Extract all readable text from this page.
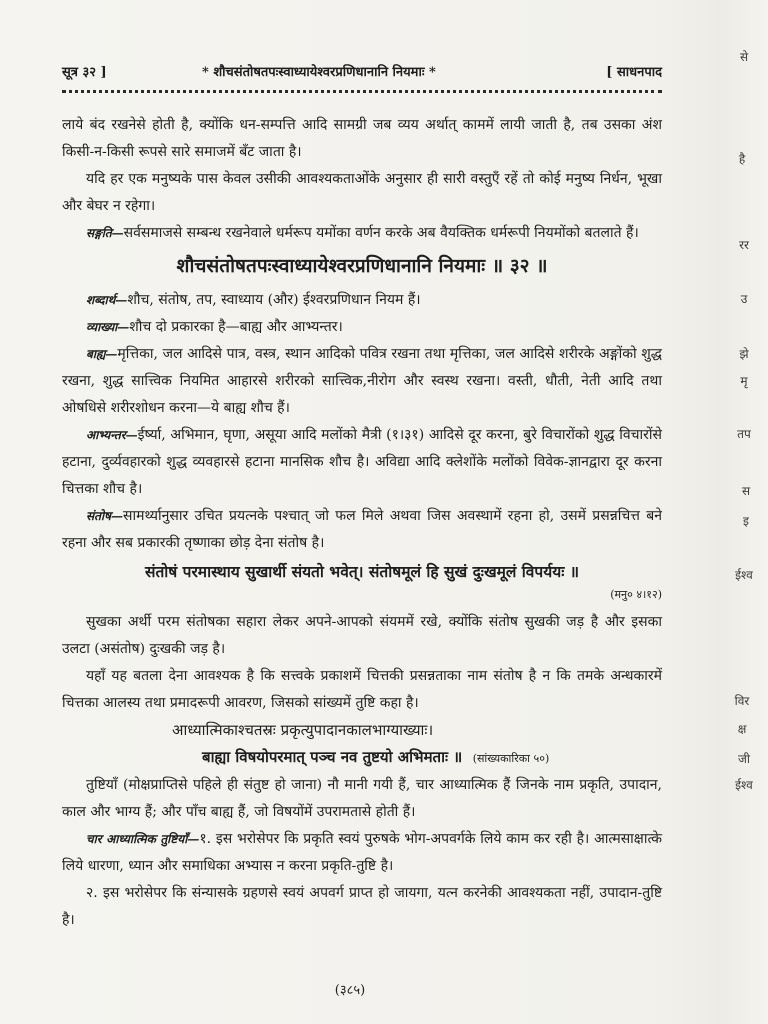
सूत्र ३२ ]	* शौचसंतोषतपःस्वाध्यायेश्वरप्रणिधानानि नियमाः *	[ साधनपाद

लाये बंद रखनेसे होती है, क्योंकि धन-सम्पत्ति आदि सामग्री जब व्यय अर्थात् काममें लायी जाती है, तब उसका अंश किसी-न-किसी रूपसे सारे समाजमें बँट जाता है।

यदि हर एक मनुष्यके पास केवल उसीकी आवश्यकताओंके अनुसार ही सारी वस्तुएँ रहें तो कोई मनुष्य निर्धन, भूखा और बेघर न रहेगा।

सङ्गति—सर्वसमाजसे सम्बन्ध रखनेवाले धर्मरूप यमोंका वर्णन करके अब वैयक्तिक धर्मरूपी नियमोंको बतलाते हैं।

शौचसंतोषतपःस्वाध्यायेश्वरप्रणिधानानि नियमाः ॥ ३२ ॥

शब्दार्थ—शौच, संतोष, तप, स्वाध्याय (और) ईश्वरप्रणिधान नियम हैं।

व्याख्या—शौच दो प्रकारका है—बाह्य और आभ्यन्तर।

बाह्य—मृत्तिका, जल आदिसे पात्र, वस्त्र, स्थान आदिको पवित्र रखना तथा मृत्तिका, जल आदिसे शरीरके अङ्गोंको शुद्ध रखना, शुद्ध सात्त्विक नियमित आहारसे शरीरको सात्त्विक,नीरोग और स्वस्थ रखना। वस्ती, धौती, नेती आदि तथा ओषधिसे शरीरशोधन करना—ये बाह्य शौच हैं।

आभ्यन्तर—ईर्ष्या, अभिमान, घृणा, असूया आदि मलोंको मैत्री (१।३१) आदिसे दूर करना, बुरे विचारोंको शुद्ध विचारोंसे हटाना, दुर्व्यवहारको शुद्ध व्यवहारसे हटाना मानसिक शौच है। अविद्या आदि क्लेशोंके मलोंको विवेक-ज्ञानद्वारा दूर करना चित्तका शौच है।

संतोष—सामर्थ्यानुसार उचित प्रयत्नके पश्चात् जो फल मिले अथवा जिस अवस्थामें रहना हो, उसमें प्रसन्नचित्त बने रहना और सब प्रकारकी तृष्णाका छोड़ देना संतोष है।

संतोषं परमास्थाय सुखार्थी संयतो भवेत्। संतोषमूलं हि सुखं दुःखमूलं विपर्ययः ॥

(मनु० ४।१२)

सुखका अर्थी परम संतोषका सहारा लेकर अपने-आपको संयममें रखे, क्योंकि संतोष सुखकी जड़ है और इसका उलटा (असंतोष) दुःखकी जड़ है।

यहाँ यह बतला देना आवश्यक है कि सत्त्वके प्रकाशमें चित्तकी प्रसन्नताका नाम संतोष है न कि तमके अन्धकारमें चित्तका आलस्य तथा प्रमादरूपी आवरण, जिसको सांख्यमें तुष्टि कहा है।

आध्यात्मिकाश्चतस्रः प्रकृत्युपादानकालभाग्याख्याः।

बाह्या विषयोपरमात् पञ्च नव तुष्टयो अभिमताः ॥ (सांख्यकारिका ५०)

तुष्टियाँ (मोक्षप्राप्तिसे पहिले ही संतुष्ट हो जाना) नौ मानी गयी हैं, चार आध्यात्मिक हैं जिनके नाम प्रकृति, उपादान, काल और भाग्य हैं; और पाँच बाह्य हैं, जो विषयोंमें उपरामतासे होती हैं।

चार आध्यात्मिक तुष्टियाँ—१. इस भरोसेपर कि प्रकृति स्वयं पुरुषके भोग-अपवर्गके लिये काम कर रही है। आत्मसाक्षात्के लिये धारणा, ध्यान और समाधिका अभ्यास न करना प्रकृति-तुष्टि है।

२. इस भरोसेपर कि संन्यासके ग्रहणसे स्वयं अपवर्ग प्राप्त हो जायगा, यत्न करनेकी आवश्यकता नहीं, उपादान-तुष्टि है।

(३८५)
से
है
रर
उ
झे
मृ
तप
स
इ
ईश्व
विर
क्ष
जी
ईश्व
